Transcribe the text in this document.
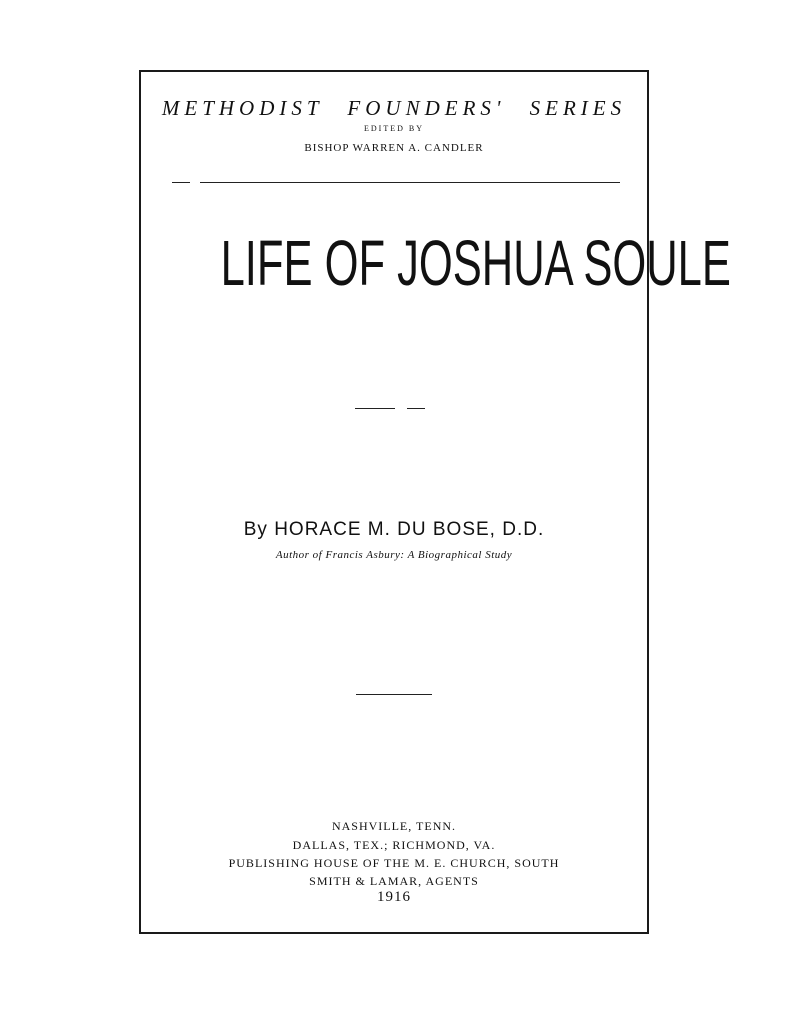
METHODIST FOUNDERS' SERIES
EDITED BY
BISHOP WARREN A. CANDLER
LIFE OF JOSHUA SOULE
By HORACE M. DU BOSE, D.D.
Author of Francis Asbury: A Biographical Study
NASHVILLE, TENN.
DALLAS, TEX.; RICHMOND, VA.
PUBLISHING HOUSE OF THE M. E. CHURCH, SOUTH
SMITH & LAMAR, AGENTS
1916
